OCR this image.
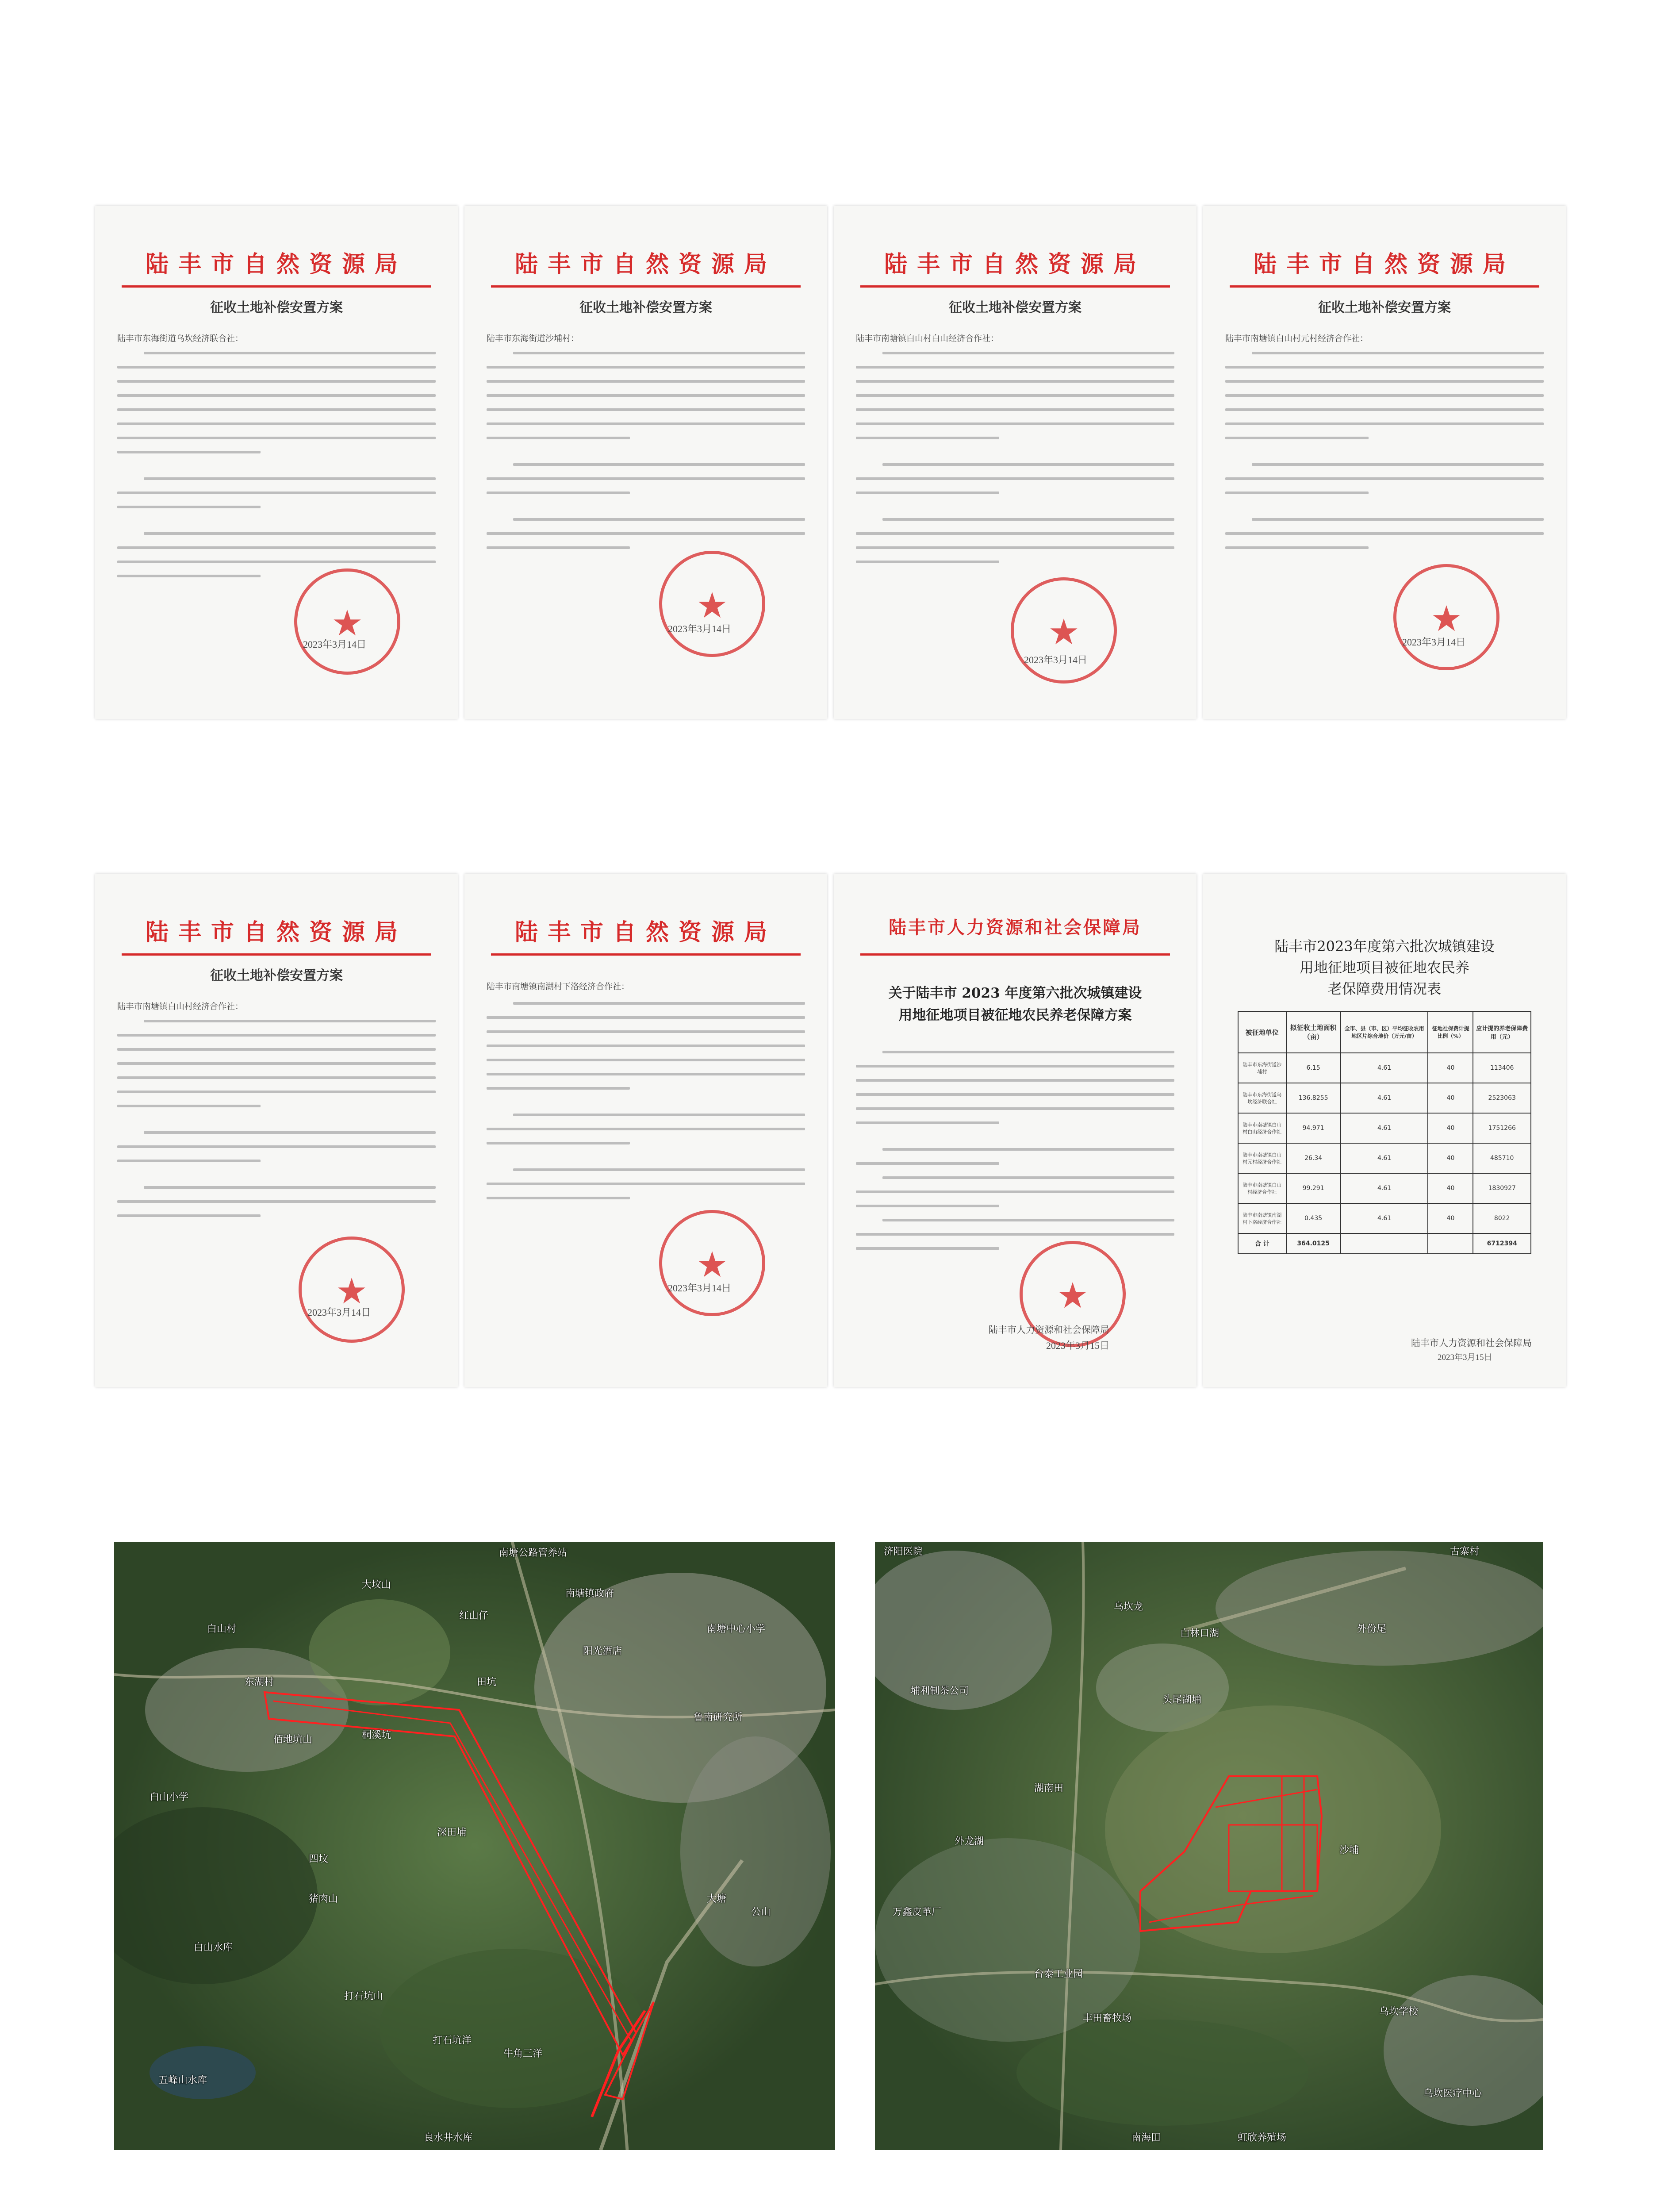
陆丰市自然资源局
征收土地补偿安置方案
陆丰市东海街道乌坎经济联合社：
★
2023年3月14日
陆丰市自然资源局
征收土地补偿安置方案
陆丰市东海街道沙埔村：
★
2023年3月14日
陆丰市自然资源局
征收土地补偿安置方案
陆丰市南塘镇白山村白山经济合作社：
★
2023年3月14日
陆丰市自然资源局
征收土地补偿安置方案
陆丰市南塘镇白山村元村经济合作社：
★
2023年3月14日
陆丰市自然资源局
征收土地补偿安置方案
陆丰市南塘镇白山村经济合作社：
★
2023年3月14日
陆丰市自然资源局
陆丰市南塘镇南湖村下洛经济合作社：
★
2023年3月14日
陆丰市人力资源和社会保障局
关于陆丰市 2023 年度第六批次城镇建设
用地征地项目被征地农民养老保障方案
★
陆丰市人力资源和社会保障局
2023年3月15日
陆丰市2023年度第六批次城镇建设
用地征地项目被征地农民养
老保障费用情况表
被征地单位	拟征收土地面积（亩）	全市、县（市、区）平均征收农用地区片综合地价（万元/亩）	征地社保费计提比例（%）	应计提的养老保障费用（元）
陆丰市东海街道沙埔村	6.15	4.61	40	113406
陆丰市东海街道乌坎经济联合社	136.8255	4.61	40	2523063
陆丰市南塘镇白山村白山经济合作社	94.971	4.61	40	1751266
陆丰市南塘镇白山村元村经济合作社	26.34	4.61	40	485710
陆丰市南塘镇白山村经济合作社	99.291	4.61	40	1830927
陆丰市南塘镇南湖村下洛经济合作社	0.435	4.61	40	8022
合 计	364.0125			6712394
陆丰市人力资源和社会保障局
2023年3月15日
南塘公路管养站
大坟山
东湖村
白山村
红山仔
南塘镇政府
阳光酒店
白山小学
南塘中心小学
鲁南研究所
佰地坑山	桐溪坑
田坑
深田埔
四坟
猪肉山
白山水库
打石坑山
牛角三洋
公山
大塘
打石坑洋
五峰山水库
良水井水库
济阳医院	古寨村
乌坎龙
白林口湖	外份尾
头尾湖埔
埔利制茶公司
湖南田
沙埔
外龙湖
万鑫皮革厂
台泰工业园
丰田畜牧场
乌坎学校
乌坎医疗中心
南海田	虹欣养殖场
